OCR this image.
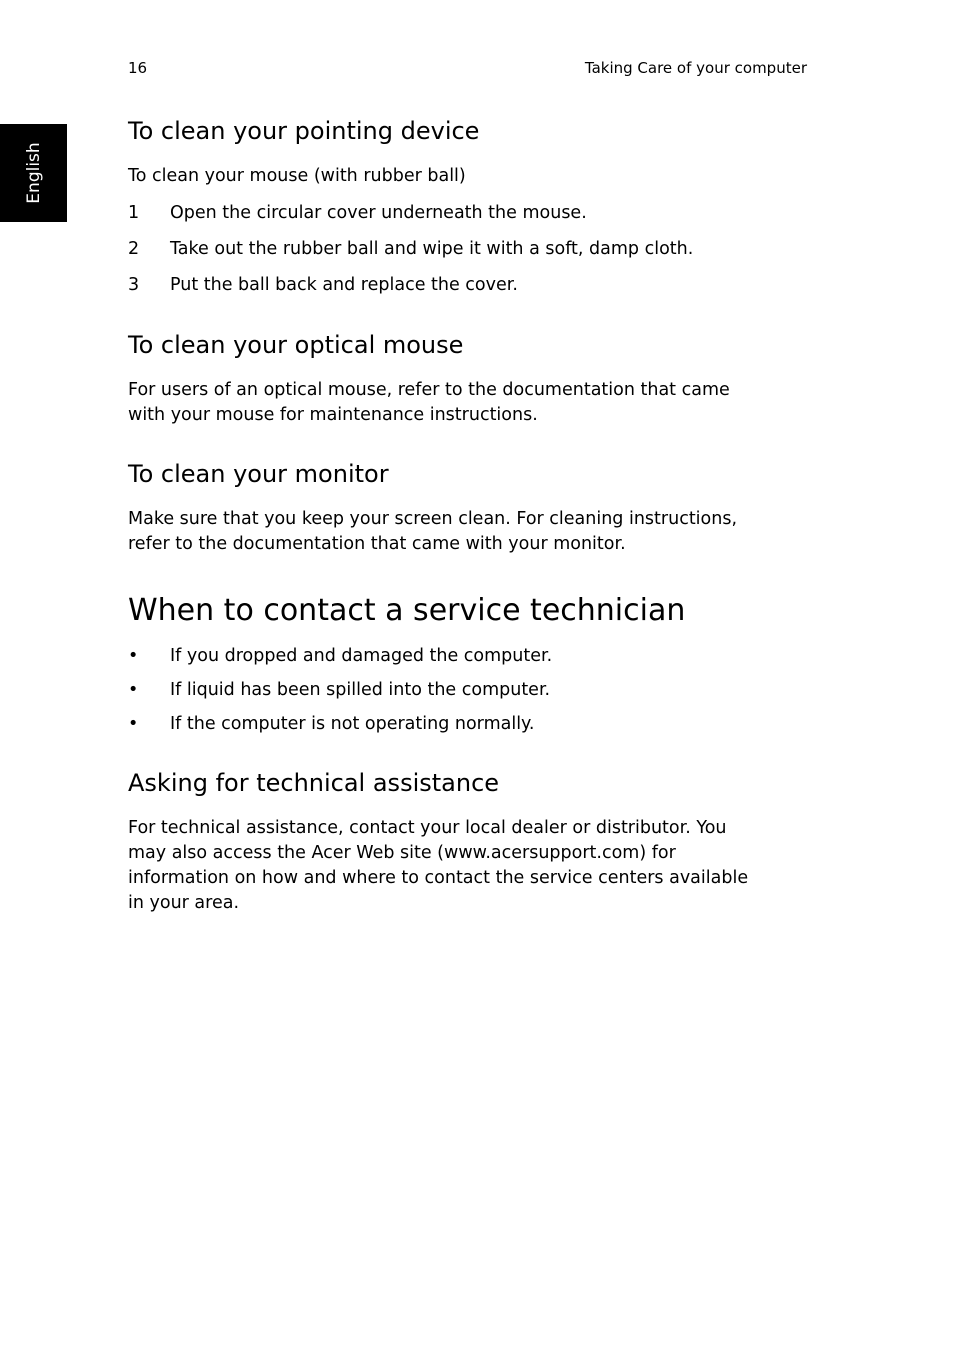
16	Taking Care of your computer
English
To clean your pointing device

To clean your mouse (with rubber ball)

1 Open the circular cover underneath the mouse.
2 Take out the rubber ball and wipe it with a soft, damp cloth.
3 Put the ball back and replace the cover.
To clean your optical mouse

For users of an optical mouse, refer to the documentation that came
with your mouse for maintenance instructions.

To clean your monitor

Make sure that you keep your screen clean. For cleaning instructions,
refer to the documentation that came with your monitor.

When to contact a service technician
• If you dropped and damaged the computer.
• If liquid has been spilled into the computer.
• If the computer is not operating normally.
Asking for technical assistance

For technical assistance, contact your local dealer or distributor. You
may also access the Acer Web site (www.acersupport.com) for
information on how and where to contact the service centers available
in your area.
